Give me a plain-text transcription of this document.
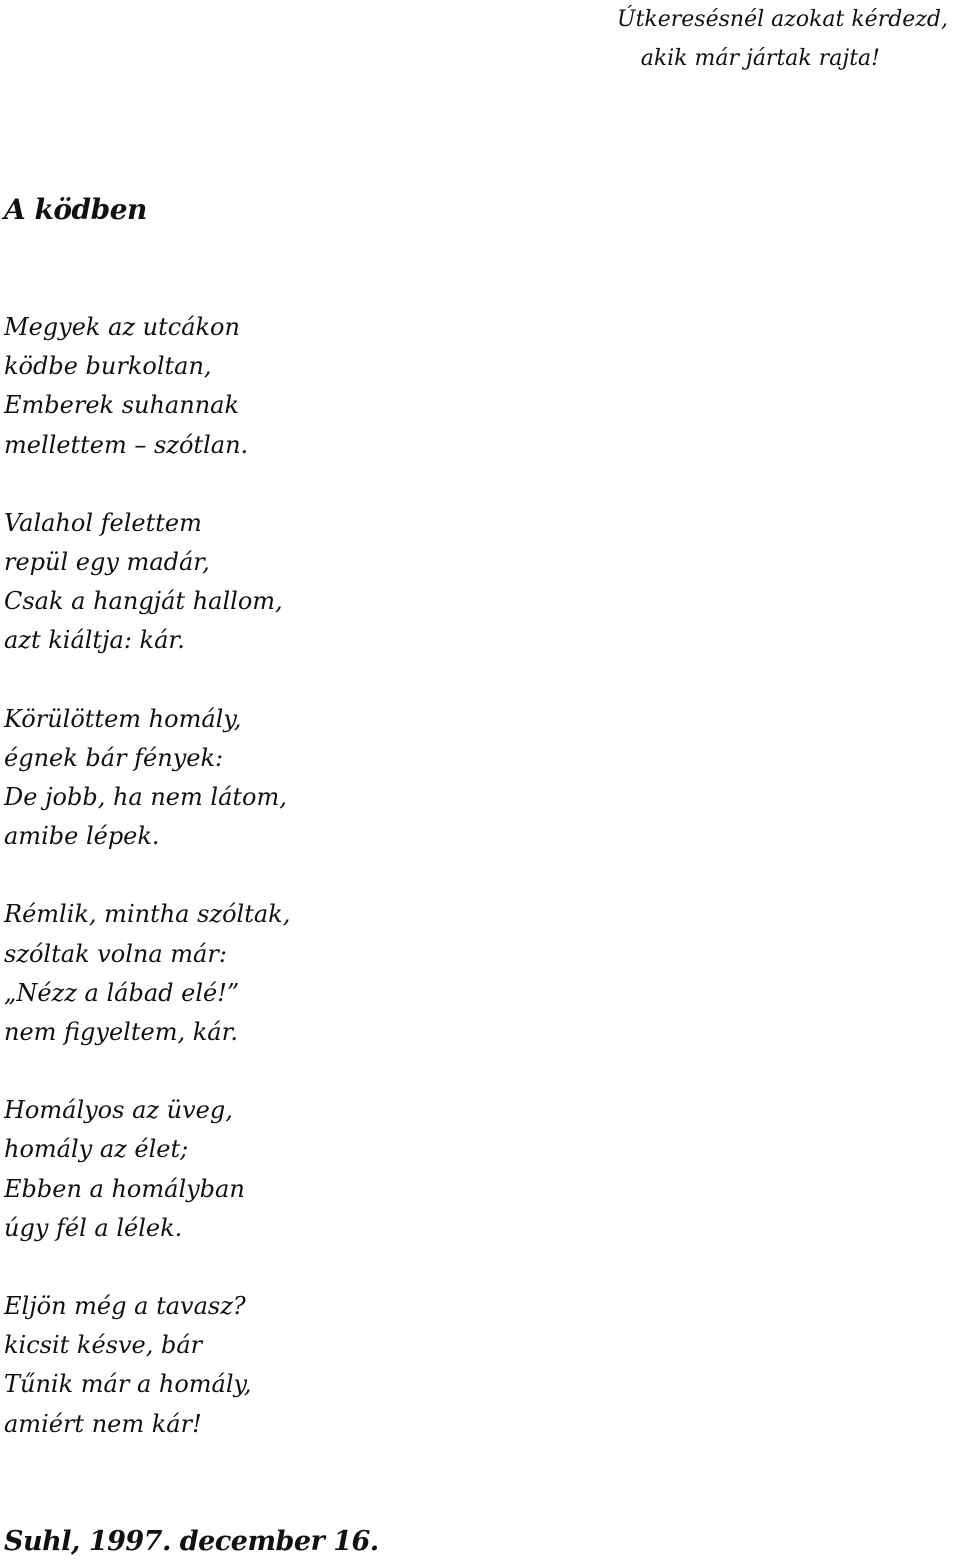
Útkeresésnél azokat kérdezd,
akik már jártak rajta!
A ködben
Megyek az utcákon
ködbe burkoltan,
Emberek suhannak
mellettem – szótlan.
Valahol felettem
repül egy madár,
Csak a hangját hallom,
azt kiáltja: kár.
Körülöttem homály,
égnek bár fények:
De jobb, ha nem látom,
amibe lépek.
Rémlik, mintha szóltak,
szóltak volna már:
„Nézz a lábad elé!”
nem figyeltem, kár.
Homályos az üveg,
homály az élet;
Ebben a homályban
úgy fél a lélek.
Eljön még a tavasz?
kicsit késve, bár
Tűnik már a homály,
amiért nem kár!
Suhl, 1997. december 16.
